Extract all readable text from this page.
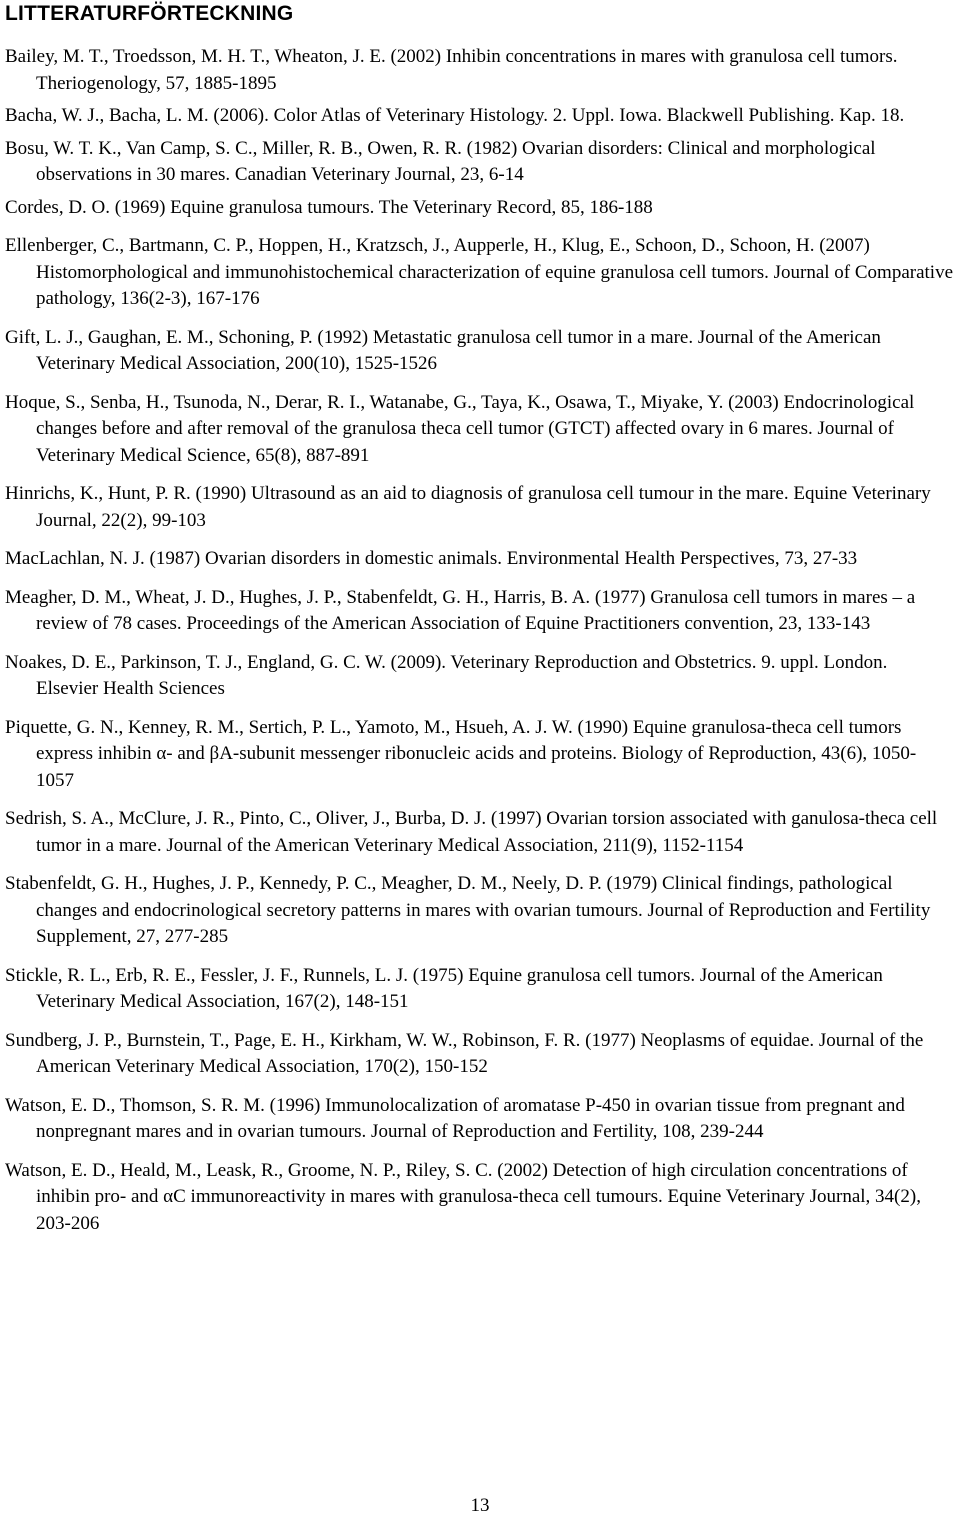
LITTERATURFÖRTECKNING
Bailey, M. T., Troedsson, M. H. T., Wheaton, J. E. (2002) Inhibin concentrations in mares with granulosa cell tumors. Theriogenology, 57, 1885-1895
Bacha, W. J., Bacha, L. M. (2006). Color Atlas of Veterinary Histology. 2. Uppl. Iowa. Blackwell Publishing. Kap. 18.
Bosu, W. T. K., Van Camp, S. C., Miller, R. B., Owen, R. R. (1982) Ovarian disorders: Clinical and morphological observations in 30 mares. Canadian Veterinary Journal, 23, 6-14
Cordes, D. O. (1969) Equine granulosa tumours. The Veterinary Record, 85, 186-188
Ellenberger, C., Bartmann, C. P., Hoppen, H., Kratzsch, J., Aupperle, H., Klug, E., Schoon, D., Schoon, H. (2007) Histomorphological and immunohistochemical characterization of equine granulosa cell tumors. Journal of Comparative pathology, 136(2-3), 167-176
Gift, L. J., Gaughan, E. M., Schoning, P. (1992) Metastatic granulosa cell tumor in a mare. Journal of the American Veterinary Medical Association, 200(10), 1525-1526
Hoque, S., Senba, H., Tsunoda, N., Derar, R. I., Watanabe, G., Taya, K., Osawa, T., Miyake, Y. (2003) Endocrinological changes before and after removal of the granulosa theca cell tumor (GTCT) affected ovary in 6 mares. Journal of Veterinary Medical Science, 65(8), 887-891
Hinrichs, K., Hunt, P. R. (1990) Ultrasound as an aid to diagnosis of granulosa cell tumour in the mare. Equine Veterinary Journal, 22(2), 99-103
MacLachlan, N. J. (1987) Ovarian disorders in domestic animals. Environmental Health Perspectives, 73, 27-33
Meagher, D. M., Wheat, J. D., Hughes, J. P., Stabenfeldt, G. H., Harris, B. A. (1977) Granulosa cell tumors in mares – a review of 78 cases. Proceedings of the American Association of Equine Practitioners convention, 23, 133-143
Noakes, D. E., Parkinson, T. J., England, G. C. W. (2009). Veterinary Reproduction and Obstetrics. 9. uppl. London. Elsevier Health Sciences
Piquette, G. N., Kenney, R. M., Sertich, P. L., Yamoto, M., Hsueh, A. J. W. (1990) Equine granulosa-theca cell tumors express inhibin α- and βA-subunit messenger ribonucleic acids and proteins. Biology of Reproduction, 43(6), 1050-1057
Sedrish, S. A., McClure, J. R., Pinto, C., Oliver, J., Burba, D. J. (1997) Ovarian torsion associated with ganulosa-theca cell tumor in a mare. Journal of the American Veterinary Medical Association, 211(9), 1152-1154
Stabenfeldt, G. H., Hughes, J. P., Kennedy, P. C., Meagher, D. M., Neely, D. P. (1979) Clinical findings, pathological changes and endocrinological secretory patterns in mares with ovarian tumours. Journal of Reproduction and Fertility Supplement, 27, 277-285
Stickle, R. L., Erb, R. E., Fessler, J. F., Runnels, L. J. (1975) Equine granulosa cell tumors. Journal of the American Veterinary Medical Association, 167(2), 148-151
Sundberg, J. P., Burnstein, T., Page, E. H., Kirkham, W. W., Robinson, F. R. (1977) Neoplasms of equidae. Journal of the American Veterinary Medical Association, 170(2), 150-152
Watson, E. D., Thomson, S. R. M. (1996) Immunolocalization of aromatase P-450 in ovarian tissue from pregnant and nonpregnant mares and in ovarian tumours. Journal of Reproduction and Fertility, 108, 239-244
Watson, E. D., Heald, M., Leask, R., Groome, N. P., Riley, S. C. (2002) Detection of high circulation concentrations of inhibin pro- and αC immunoreactivity in mares with granulosa-theca cell tumours. Equine Veterinary Journal, 34(2), 203-206
13
